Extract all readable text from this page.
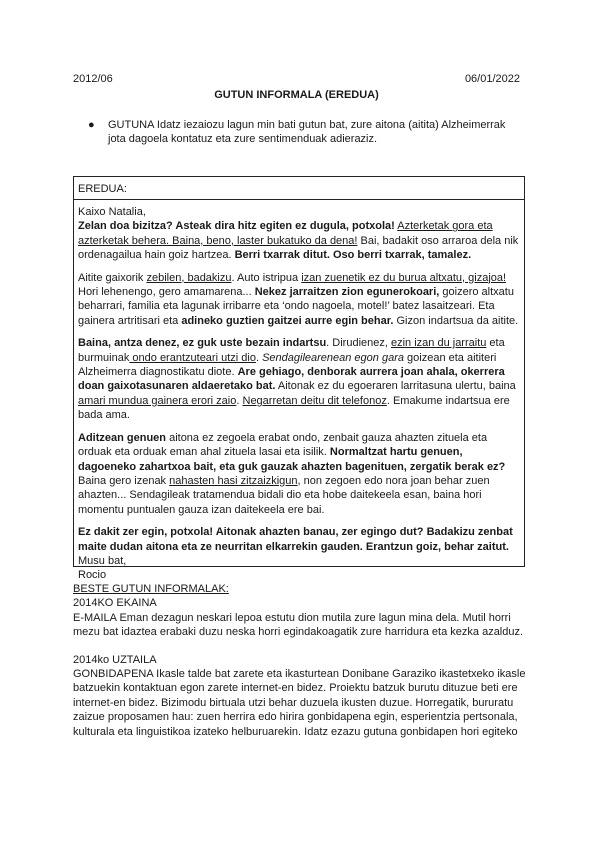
2012/06	06/01/2022
GUTUN INFORMALA (EREDUA)
● GUTUNA Idatz iezaiozu lagun min bati gutun bat, zure aitona (aitita) Alzheimerrak jota dagoela kontatuz eta zure sentimenduak adieraziz.
EREDUA:

Kaixo Natalia,

Zelan doa bizitza? Asteak dira hitz egiten ez dugula, potxola! Azterketak gora eta azterketak behera. Baina, beno, laster bukatuko da dena! Bai, badakit oso arraroa dela nik ordenagailua hain goiz hartzea. Berri txarrak ditut. Oso berri txarrak, tamalez.

Aitite gaixorik zebilen, badakizu. Auto istripua izan zuenetik ez du burua altxatu, gizajoa! Hori lehenengo, gero amamarena... Nekez jarraitzen zion egunerokoari, goizero altxatu beharrari, familia eta lagunak irribarre eta ‘ondo nagoela, motel!’ batez lasaitzeari. Eta gainera artritisari eta adineko guztien gaitzei aurre egin behar. Gizon indartsua da aitite.

Baina, antza denez, ez guk uste bezain indartsu. Dirudienez, ezin izan du jarraitu eta burmuinak ondo erantzuteari utzi dio. Sendagilearenean egon gara goizean eta aititeri Alzheimerra diagnostikatu diote. Are gehiago, denborak aurrera joan ahala, okerrera doan gaixotasunaren aldaeretako bat. Aitonak ez du egoeraren larritasuna ulertu, baina amari mundua gainera erori zaio. Negarretan deitu dit telefonoz. Emakume indartsua ere bada ama.

Aditzean genuen aitona ez zegoela erabat ondo, zenbait gauza ahazten zituela eta orduak eta orduak eman ahal zituela lasai eta isilik. Normaltzat hartu genuen, dagoeneko zahartxoa bait, eta guk gauzak ahazten bagenituen, zergatik berak ez? Baina gero izenak nahasten hasi zitzaizkigun, non zegoen edo nora joan behar zuen ahazten... Sendagileak tratamendua bidali dio eta hobe daitekeela esan, baina hori momentu puntualen gauza izan daitekeela ere bai.

Ez dakit zer egin, potxola! Aitonak ahazten banau, zer egingo dut? Badakizu zenbat maite dudan aitona eta ze neurritan elkarrekin gauden. Erantzun goiz, behar zaitut.

Musu bat,

Rocio

BESTE GUTUN INFORMALAK:

2014KO EKAINA

E-MAILA Eman dezagun neskari lepoa estutu dion mutila zure lagun mina dela. Mutil horri mezu bat idaztea erabaki duzu neska horri egindakoagatik zure harridura eta kezka azalduz.

2014ko UZTAILA

GONBIDAPENA Ikasle talde bat zarete eta ikasturtean Donibane Garaziko ikastetxeko ikasle batzuekin kontaktuan egon zarete internet-en bidez. Proiektu batzuk burutu dituzue beti ere internet-en bidez. Bizimodu birtuala utzi behar duzuela ikusten duzue. Horregatik, bururatu zaizue proposamen hau: zuen herrira edo hirira gonbidapena egin, esperientzia pertsonala, kulturala eta linguistikoa izateko helburuarekin. Idatz ezazu gutuna gonbidapen hori egiteko
